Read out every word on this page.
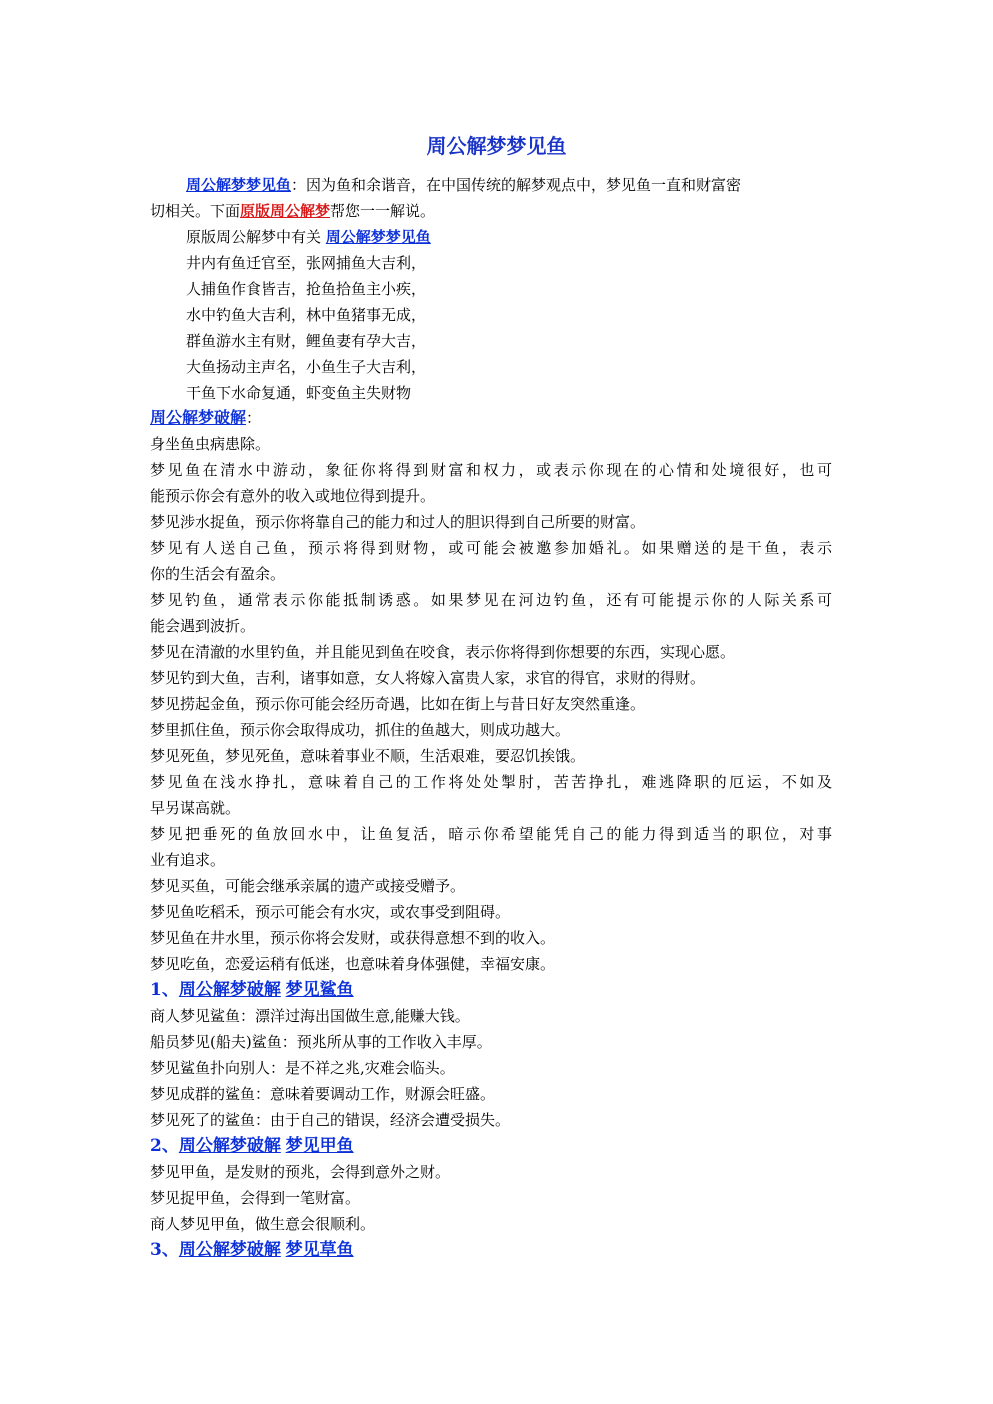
周公解梦梦见鱼
周公解梦梦见鱼：因为鱼和余谐音，在中国传统的解梦观点中，梦见鱼一直和财富密
切相关。下面原版周公解梦帮您一一解说。
原版周公解梦中有关 周公解梦梦见鱼
井内有鱼迁官至，张网捕鱼大吉利，
人捕鱼作食皆吉，抢鱼拾鱼主小疾，
水中钓鱼大吉利，林中鱼猪事无成，
群鱼游水主有财，鲤鱼妻有孕大吉，
大鱼扬动主声名，小鱼生子大吉利，
干鱼下水命复通，虾变鱼主失财物
周公解梦破解：
身坐鱼虫病患除。
梦见鱼在清水中游动，象征你将得到财富和权力，或表示你现在的心情和处境很好，也可
能预示你会有意外的收入或地位得到提升。
梦见涉水捉鱼，预示你将靠自己的能力和过人的胆识得到自己所要的财富。
梦见有人送自己鱼，预示将得到财物，或可能会被邀参加婚礼。如果赠送的是干鱼，表示
你的生活会有盈余。
梦见钓鱼，通常表示你能抵制诱惑。如果梦见在河边钓鱼，还有可能提示你的人际关系可
能会遇到波折。
梦见在清澈的水里钓鱼，并且能见到鱼在咬食，表示你将得到你想要的东西，实现心愿。
梦见钓到大鱼，吉利，诸事如意，女人将嫁入富贵人家，求官的得官，求财的得财。
梦见捞起金鱼，预示你可能会经历奇遇，比如在街上与昔日好友突然重逢。
梦里抓住鱼，预示你会取得成功，抓住的鱼越大，则成功越大。
梦见死鱼，梦见死鱼，意味着事业不顺，生活艰难，要忍饥挨饿。
梦见鱼在浅水挣扎，意味着自己的工作将处处掣肘，苦苦挣扎，难逃降职的厄运，不如及
早另谋高就。
梦见把垂死的鱼放回水中，让鱼复活，暗示你希望能凭自己的能力得到适当的职位，对事
业有追求。
梦见买鱼，可能会继承亲属的遗产或接受赠予。
梦见鱼吃稻禾，预示可能会有水灾，或农事受到阻碍。
梦见鱼在井水里，预示你将会发财，或获得意想不到的收入。
梦见吃鱼，恋爱运稍有低迷，也意味着身体强健，幸福安康。
1、周公解梦破解 梦见鲨鱼
商人梦见鲨鱼：漂洋过海出国做生意,能赚大钱。
船员梦见(船夫)鲨鱼：预兆所从事的工作收入丰厚。
梦见鲨鱼扑向别人：是不祥之兆,灾难会临头。
梦见成群的鲨鱼：意味着要调动工作，财源会旺盛。
梦见死了的鲨鱼：由于自己的错误，经济会遭受损失。
2、周公解梦破解 梦见甲鱼
梦见甲鱼，是发财的预兆，会得到意外之财。
梦见捉甲鱼，会得到一笔财富。
商人梦见甲鱼，做生意会很顺利。
3、周公解梦破解 梦见草鱼
